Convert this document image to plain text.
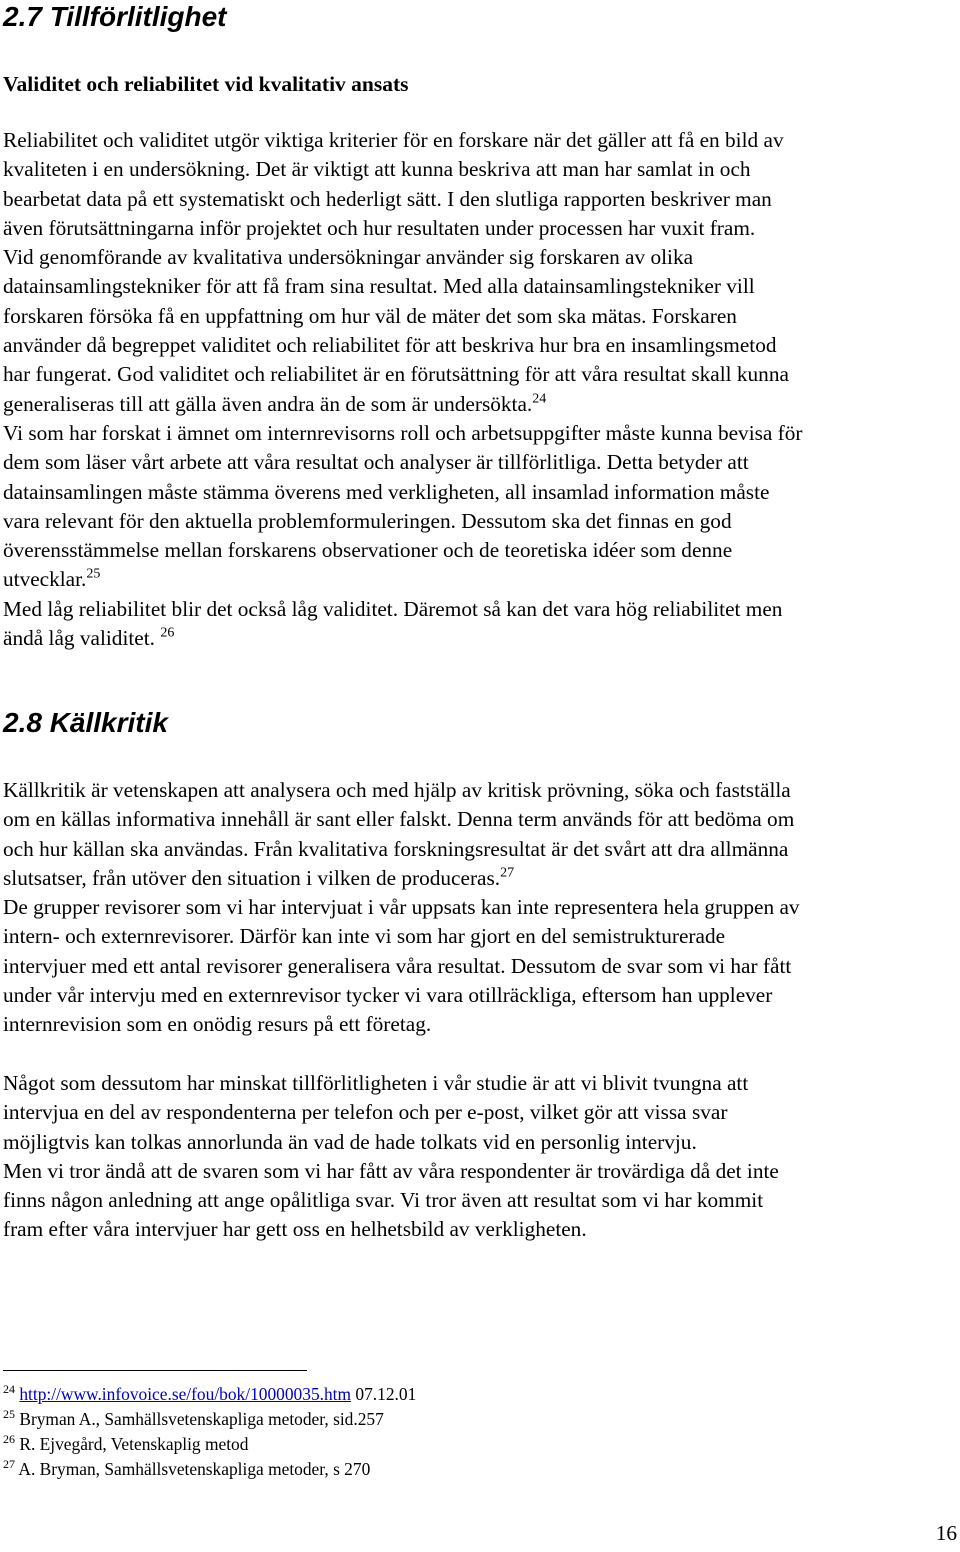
2.7 Tillförlitlighet
Validitet och reliabilitet vid kvalitativ ansats
Reliabilitet och validitet utgör viktiga kriterier för en forskare när det gäller att få en bild av
kvaliteten i en undersökning. Det är viktigt att kunna beskriva att man har samlat in och
bearbetat data på ett systematiskt och hederligt sätt. I den slutliga rapporten beskriver man
även förutsättningarna inför projektet och hur resultaten under processen har vuxit fram.
Vid genomförande av kvalitativa undersökningar använder sig forskaren av olika
datainsamlingstekniker för att få fram sina resultat. Med alla datainsamlingstekniker vill
forskaren försöka få en uppfattning om hur väl de mäter det som ska mätas. Forskaren
använder då begreppet validitet och reliabilitet för att beskriva hur bra en insamlingsmetod
har fungerat. God validitet och reliabilitet är en förutsättning för att våra resultat skall kunna
generaliseras till att gälla även andra än de som är undersökta.$^{24}$
Vi som har forskat i ämnet om internrevisorns roll och arbetsuppgifter måste kunna bevisa för
dem som läser vårt arbete att våra resultat och analyser är tillförlitliga. Detta betyder att
datainsamlingen måste stämma överens med verkligheten, all insamlad information måste
vara relevant för den aktuella problemformuleringen. Dessutom ska det finnas en god
överensstämmelse mellan forskarens observationer och de teoretiska idéer som denne
utvecklar.$^{25}$
Med låg reliabilitet blir det också låg validitet. Däremot så kan det vara hög reliabilitet men
ändå låg validitet. $^{26}$
2.8 Källkritik
Källkritik är vetenskapen att analysera och med hjälp av kritisk prövning, söka och fastställa
om en källas informativa innehåll är sant eller falskt. Denna term används för att bedöma om
och hur källan ska användas. Från kvalitativa forskningsresultat är det svårt att dra allmänna
slutsatser, från utöver den situation i vilken de produceras.$^{27}$
De grupper revisorer som vi har intervjuat i vår uppsats kan inte representera hela gruppen av
intern- och externrevisorer. Därför kan inte vi som har gjort en del semistrukturerade
intervjuer med ett antal revisorer generalisera våra resultat. Dessutom de svar som vi har fått
under vår intervju med en externrevisor tycker vi vara otillräckliga, eftersom han upplever
internrevision som en onödig resurs på ett företag.
Något som dessutom har minskat tillförlitligheten i vår studie är att vi blivit tvungna att
intervjua en del av respondenterna per telefon och per e-post, vilket gör att vissa svar
möjligtvis kan tolkas annorlunda än vad de hade tolkats vid en personlig intervju.
Men vi tror ändå att de svaren som vi har fått av våra respondenter är trovärdiga då det inte
finns någon anledning att ange opålitliga svar. Vi tror även att resultat som vi har kommit
fram efter våra intervjuer har gett oss en helhetsbild av verkligheten.
$^{24}$ http://www.infovoice.se/fou/bok/10000035.htm 07.12.01
$^{25}$ Bryman A., Samhällsvetenskapliga metoder, sid.257
$^{26}$ R. Ejvegård, Vetenskaplig metod
$^{27}$ A. Bryman, Samhällsvetenskapliga metoder, s 270
16
